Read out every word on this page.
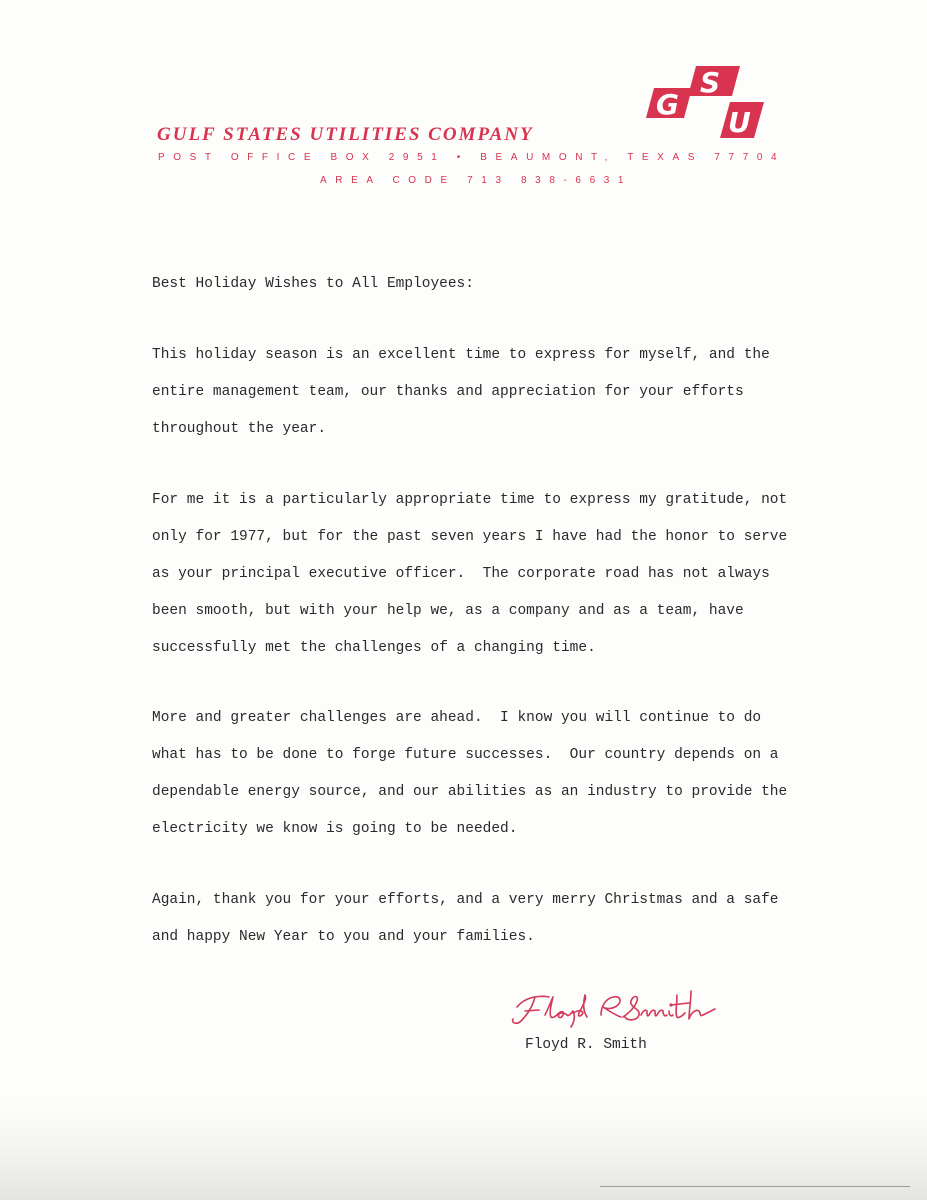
G
S
U

GULF STATES UTILITIES COMPANY

POST OFFICE BOX 2951 • BEAUMONT, TEXAS 77704

AREA CODE 713 838-6631

Best Holiday Wishes to All Employees:

This holiday season is an excellent time to express for myself, and the
entire management team, our thanks and appreciation for your efforts
throughout the year.

For me it is a particularly appropriate time to express my gratitude, not
only for 1977, but for the past seven years I have had the honor to serve
as your principal executive officer.  The corporate road has not always
been smooth, but with your help we, as a company and as a team, have
successfully met the challenges of a changing time.

More and greater challenges are ahead.  I know you will continue to do
what has to be done to forge future successes.  Our country depends on a
dependable energy source, and our abilities as an industry to provide the
electricity we know is going to be needed.

Again, thank you for your efforts, and a very merry Christmas and a safe
and happy New Year to you and your families.

Floyd R. Smith
